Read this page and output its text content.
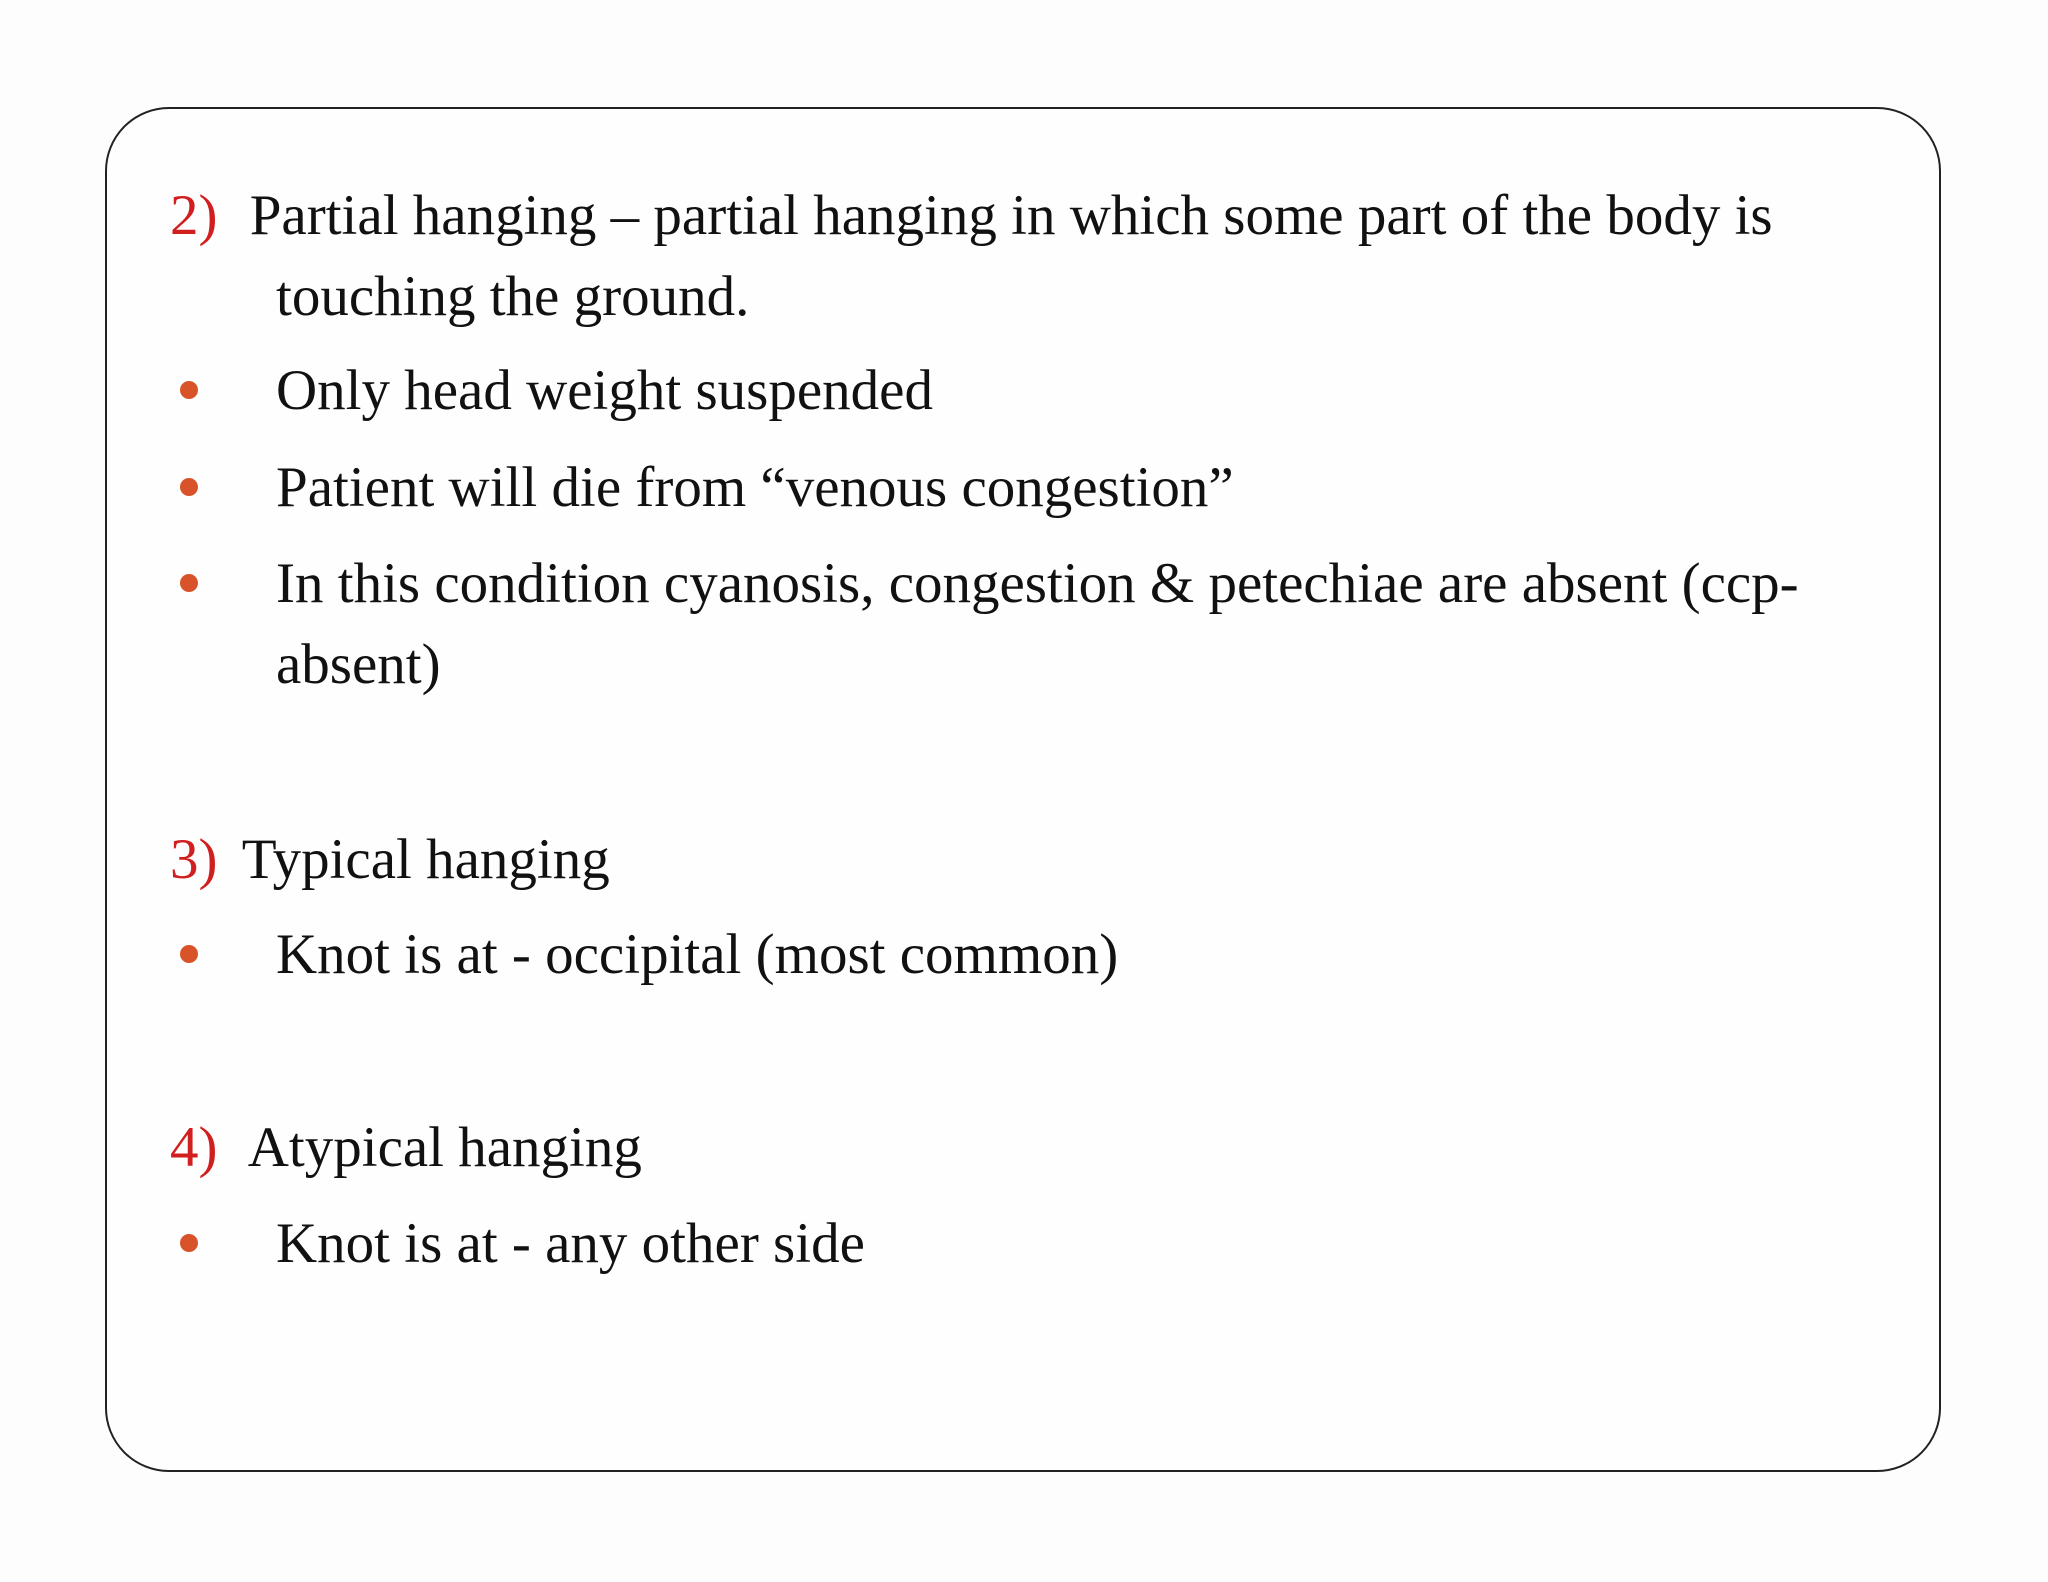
2) Partial hanging – partial hanging in which some part of the body is
touching the ground.
Only head weight suspended
Patient will die from “venous congestion”
In this condition cyanosis, congestion & petechiae are absent (ccp-
absent)
3) Typical hanging
Knot is at - occipital (most common)
4) Atypical hanging
Knot is at - any other side
